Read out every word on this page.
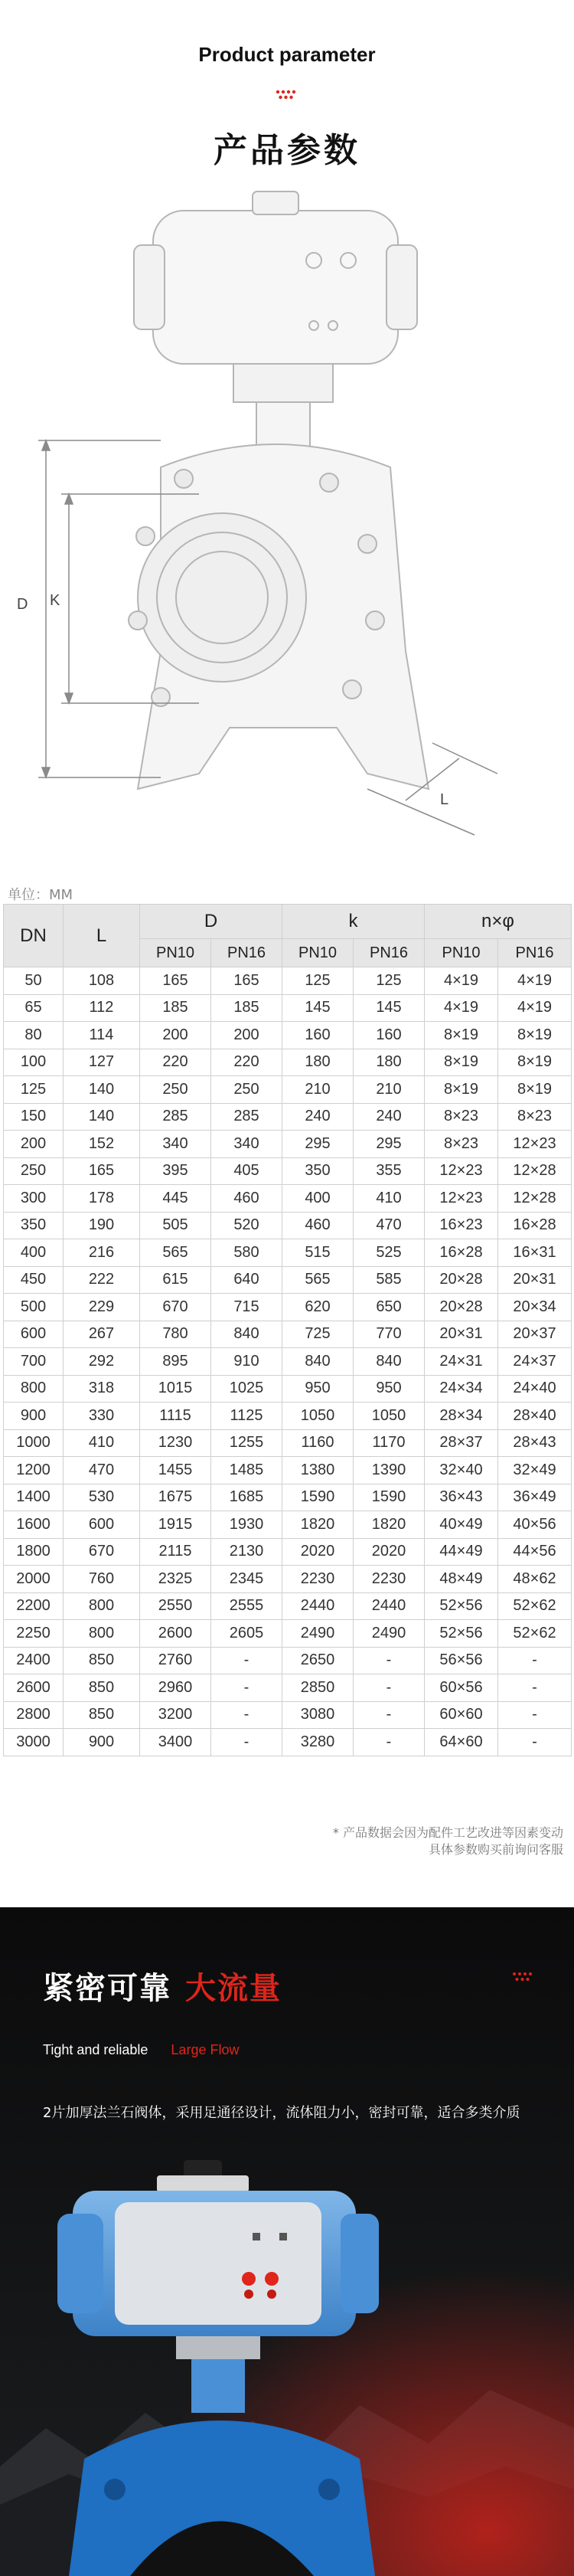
Product parameter
产品参数
D K
L
单位：MM
DN	L	D		k		n×φ	
		PN10	PN16	PN10	PN16	PN10	PN16
50	108	165	165	125	125	4×19	4×19
65	112	185	185	145	145	4×19	4×19
80	114	200	200	160	160	8×19	8×19
100	127	220	220	180	180	8×19	8×19
125	140	250	250	210	210	8×19	8×19
150	140	285	285	240	240	8×23	8×23
200	152	340	340	295	295	8×23	12×23
250	165	395	405	350	355	12×23	12×28
300	178	445	460	400	410	12×23	12×28
350	190	505	520	460	470	16×23	16×28
400	216	565	580	515	525	16×28	16×31
450	222	615	640	565	585	20×28	20×31
500	229	670	715	620	650	20×28	20×34
600	267	780	840	725	770	20×31	20×37
700	292	895	910	840	840	24×31	24×37
800	318	1015	1025	950	950	24×34	24×40
900	330	1115	1125	1050	1050	28×34	28×40
1000	410	1230	1255	1160	1170	28×37	28×43
1200	470	1455	1485	1380	1390	32×40	32×49
1400	530	1675	1685	1590	1590	36×43	36×49
1600	600	1915	1930	1820	1820	40×49	40×56
1800	670	2115	2130	2020	2020	44×49	44×56
2000	760	2325	2345	2230	2230	48×49	48×62
2200	800	2550	2555	2440	2440	52×56	52×62
2250	800	2600	2605	2490	2490	52×56	52×62
2400	850	2760	-	2650	-	56×56	-
2600	850	2960	-	2850	-	60×56	-
2800	850	3200	-	3080	-	60×60	-
3000	900	3400	-	3280	-	64×60	-
* 产品数据会因为配件工艺改进等因素变动
具体参数购买前询问客服
紧密可靠 大流量
Tight and reliable Large Flow
2片加厚法兰石阀体，采用足通径设计，流体阻力小，密封可靠，适合多类介质
